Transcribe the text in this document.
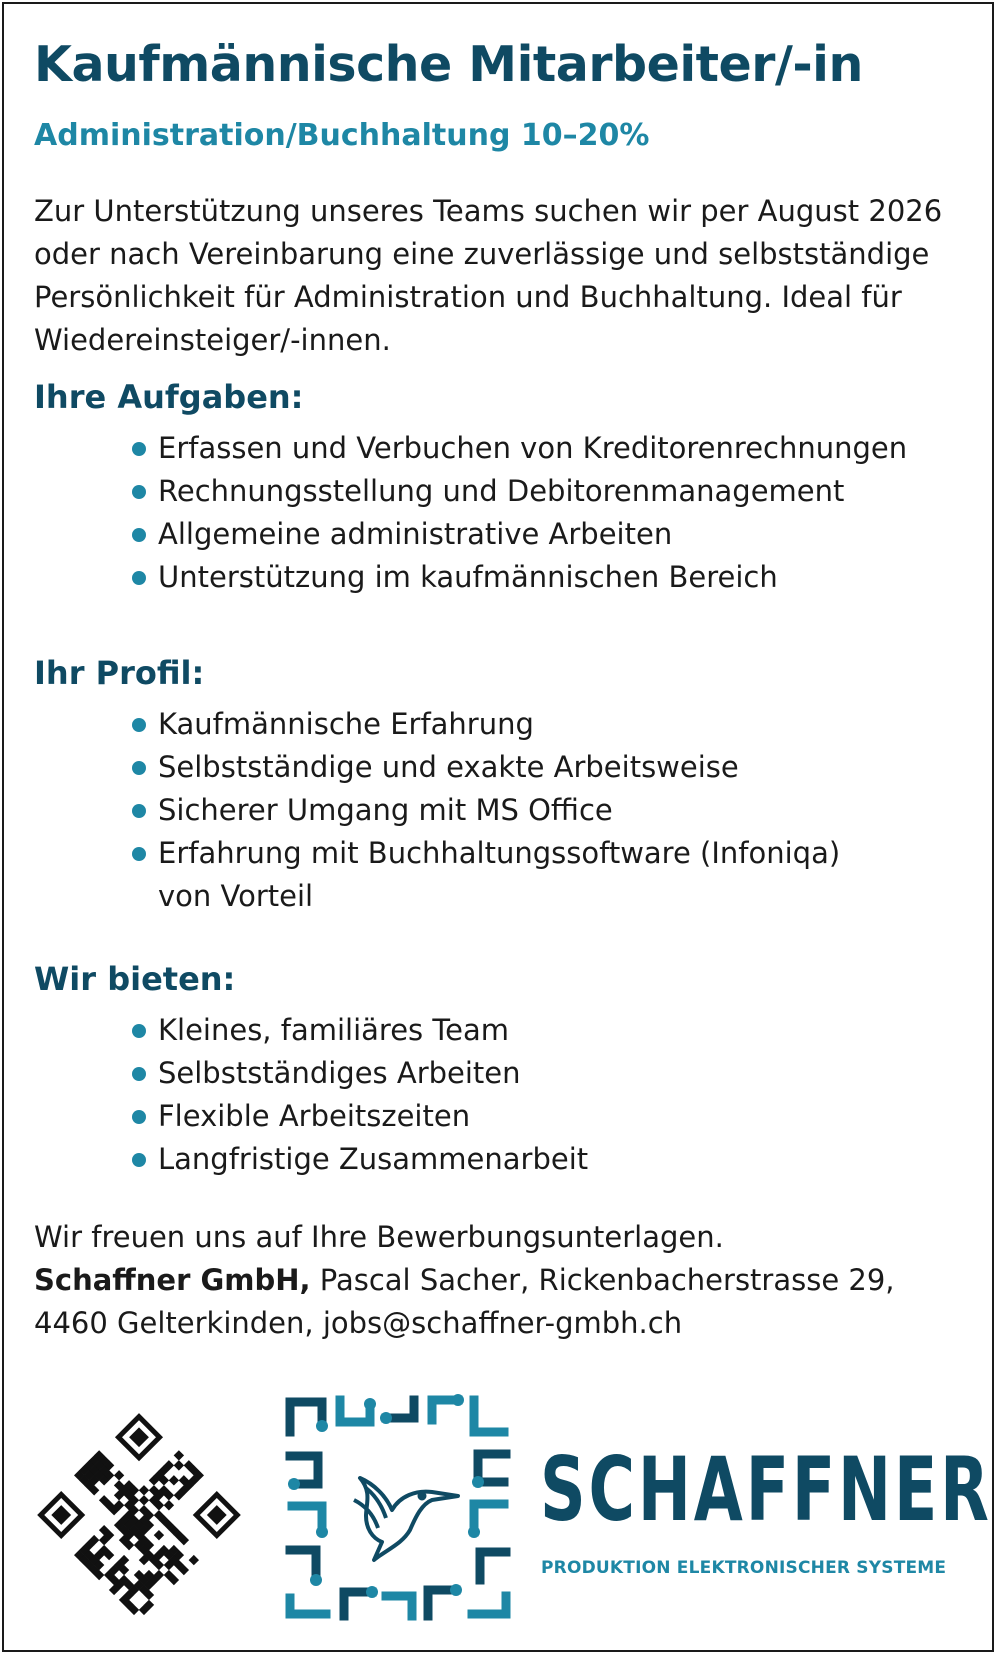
Kaufmännische Mitarbeiter/-in
Administration/Buchhaltung 10–20%

Zur Unterstützung unseres Teams suchen wir per August 2026 oder nach Vereinbarung eine zuverlässige und selbstständige Persönlichkeit für Administration und Buchhaltung. Ideal für Wiedereinsteiger/-innen.

Ihre Aufgaben:
Erfassen und Verbuchen von Kreditorenrechnungen
Rechnungsstellung und Debitorenmanagement
Allgemeine administrative Arbeiten
Unterstützung im kaufmännischen Bereich
Ihr Profil:
Kaufmännische Erfahrung
Selbstständige und exakte Arbeitsweise
Sicherer Umgang mit MS Office
Erfahrung mit Buchhaltungssoftware (Infoniqa) von Vorteil
Wir bieten:
Kleines, familiäres Team
Selbstständiges Arbeiten
Flexible Arbeitszeiten
Langfristige Zusammenarbeit
Wir freuen uns auf Ihre Bewerbungsunterlagen.
Schaffner GmbH, Pascal Sacher, Rickenbacherstrasse 29,
4460 Gelterkinden, jobs@schaffner-gmbh.ch
SCHAFFNER
PRODUKTION ELEKTRONISCHER SYSTEME
